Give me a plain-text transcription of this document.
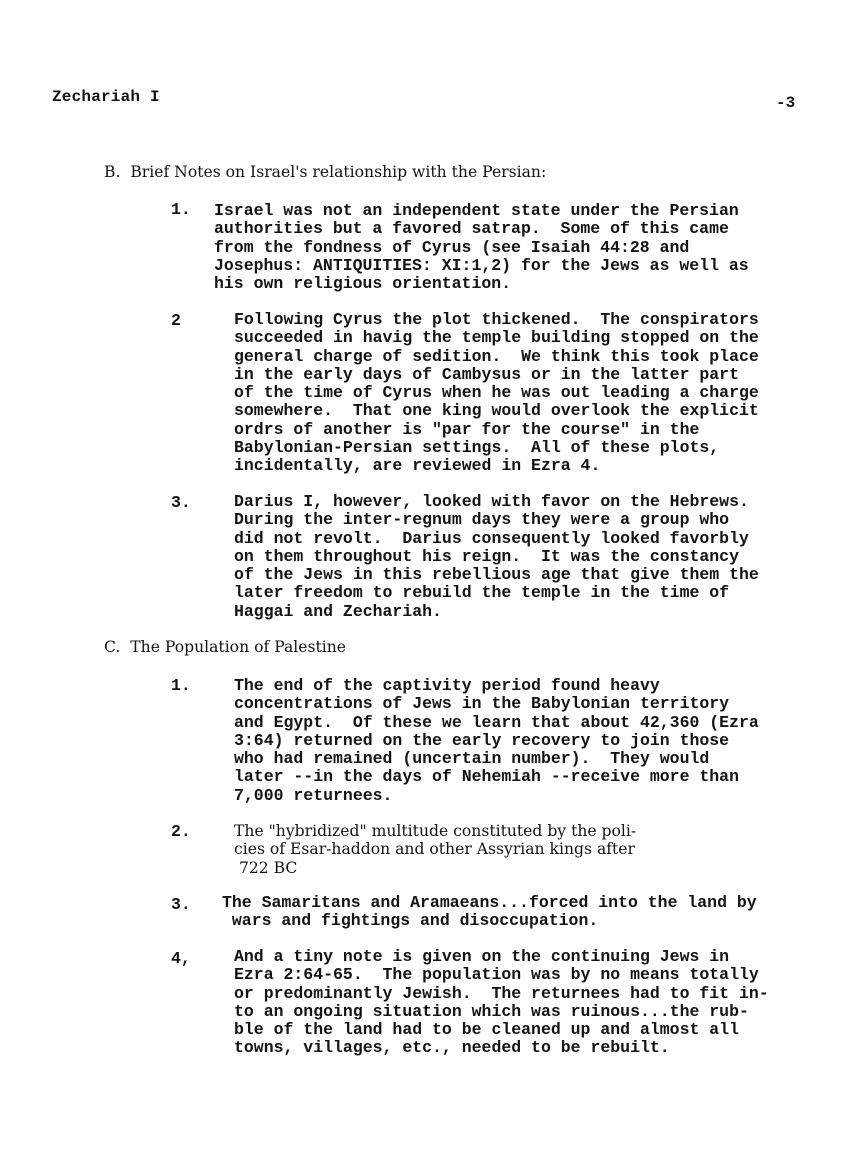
Zechariah I	-3
B.  Brief Notes on Israel's relationship with the Persian:
1. Israel was not an independent state under the Persian
authorities but a favored satrap.  Some of this came
from the fondness of Cyrus (see Isaiah 44:28 and
Josephus: ANTIQUITIES: XI:1,2) for the Jews as well as
his own religious orientation.
2	Following Cyrus the plot thickened.  The conspirators
succeeded in havig the temple building stopped on the
general charge of sedition.  We think this took place
in the early days of Cambysus or in the latter part
of the time of Cyrus when he was out leading a charge
somewhere.  That one king would overlook the explicit
ordrs of another is "par for the course" in the
Babylonian-Persian settings.  All of these plots,
incidentally, are reviewed in Ezra 4.
3.	Darius I, however, looked with favor on the Hebrews.
During the inter-regnum days they were a group who
did not revolt.  Darius consequently looked favorbly
on them throughout his reign.  It was the constancy
of the Jews in this rebellious age that give them the
later freedom to rebuild the temple in the time of
Haggai and Zechariah.
C.  The Population of Palestine
1.	The end of the captivity period found heavy
concentrations of Jews in the Babylonian territory
and Egypt.  Of these we learn that about 42,360 (Ezra
3:64) returned on the early recovery to join those
who had remained (uncertain number).  They would
later --in the days of Nehemiah --receive more than
7,000 returnees.
2.	The "hybridized" multitude constituted by the poli-
cies of Esar-haddon and other Assyrian kings after
722 BC
3. The Samaritans and Aramaeans...forced into the land by
wars and fightings and disoccupation.
4,	And a tiny note is given on the continuing Jews in
Ezra 2:64-65.  The population was by no means totally
or predominantly Jewish.  The returnees had to fit in-
to an ongoing situation which was ruinous...the rub-
ble of the land had to be cleaned up and almost all
towns, villages, etc., needed to be rebuilt.
